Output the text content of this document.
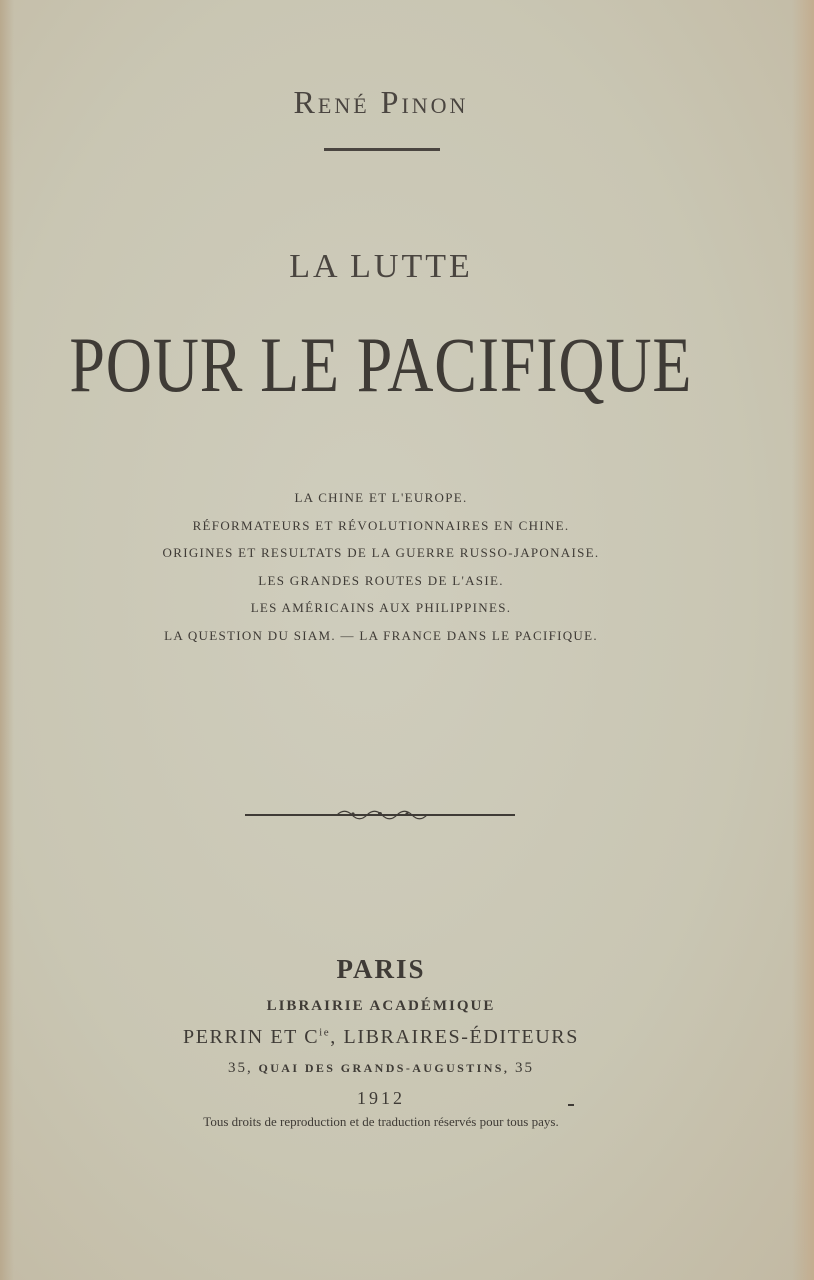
René Pinon
LA LUTTE
POUR LE PACIFIQUE
LA CHINE ET L'EUROPE.
RÉFORMATEURS ET RÉVOLUTIONNAIRES EN CHINE.
ORIGINES ET RESULTATS DE LA GUERRE RUSSO-JAPONAISE.
LES GRANDES ROUTES DE L'ASIE.
LES AMÉRICAINS AUX PHILIPPINES.
LA QUESTION DU SIAM. — LA FRANCE DANS LE PACIFIQUE.
PARIS
LIBRAIRIE ACADÉMIQUE
PERRIN ET $C^{ie}$, LIBRAIRES-ÉDITEURS
35, QUAI DES GRANDS-AUGUSTINS, 35
1912
Tous droits de reproduction et de traduction réservés pour tous pays.
